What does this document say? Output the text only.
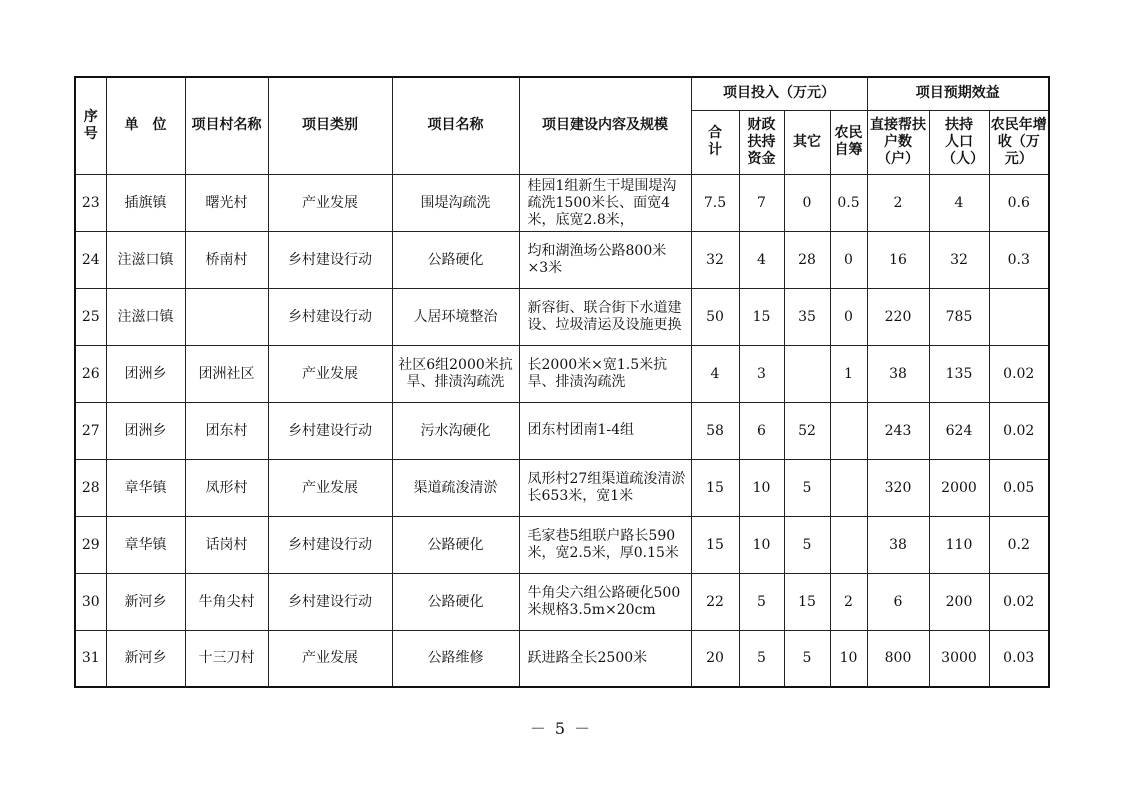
序号	单　位	项目村名称	项目类别	项目名称	项目建设内容及规模	项目投入（万元）				项目预期效益		
						合计	财政扶持资金	其它	农民自筹	直接帮扶户数（户）	扶持人口（人）	农民年增收（万元）
23	插旗镇	曙光村	产业发展	围堤沟疏洗	桂园1组新生干堤围堤沟疏洗1500米长、面宽4米，底宽2.8米，	7.5	7	0	0.5	2	4	0.6
24	注滋口镇	桥南村	乡村建设行动	公路硬化	均和湖渔场公路800米×3米	32	4	28	0	16	32	0.3
25	注滋口镇		乡村建设行动	人居环境整治	新容街、联合街下水道建设、垃圾清运及设施更换	50	15	35	0	220	785	
26	团洲乡	团洲社区	产业发展	社区6组2000米抗旱、排渍沟疏洗	长2000米×宽1.5米抗旱、排渍沟疏洗	4	3		1	38	135	0.02
27	团洲乡	团东村	乡村建设行动	污水沟硬化	团东村团南1-4组	58	6	52		243	624	0.02
28	章华镇	凤形村	产业发展	渠道疏浚清淤	凤形村27组渠道疏浚清淤长653米，宽1米	15	10	5		320	2000	0.05
29	章华镇	话岗村	乡村建设行动	公路硬化	毛家巷5组联户路长590米，宽2.5米，厚0.15米	15	10	5		38	110	0.2
30	新河乡	牛角尖村	乡村建设行动	公路硬化	牛角尖六组公路硬化500米规格3.5m×20cm	22	5	15	2	6	200	0.02
31	新河乡	十三刀村	产业发展	公路维修	跃进路全长2500米	20	5	5	10	800	3000	0.03
－ 5 －
